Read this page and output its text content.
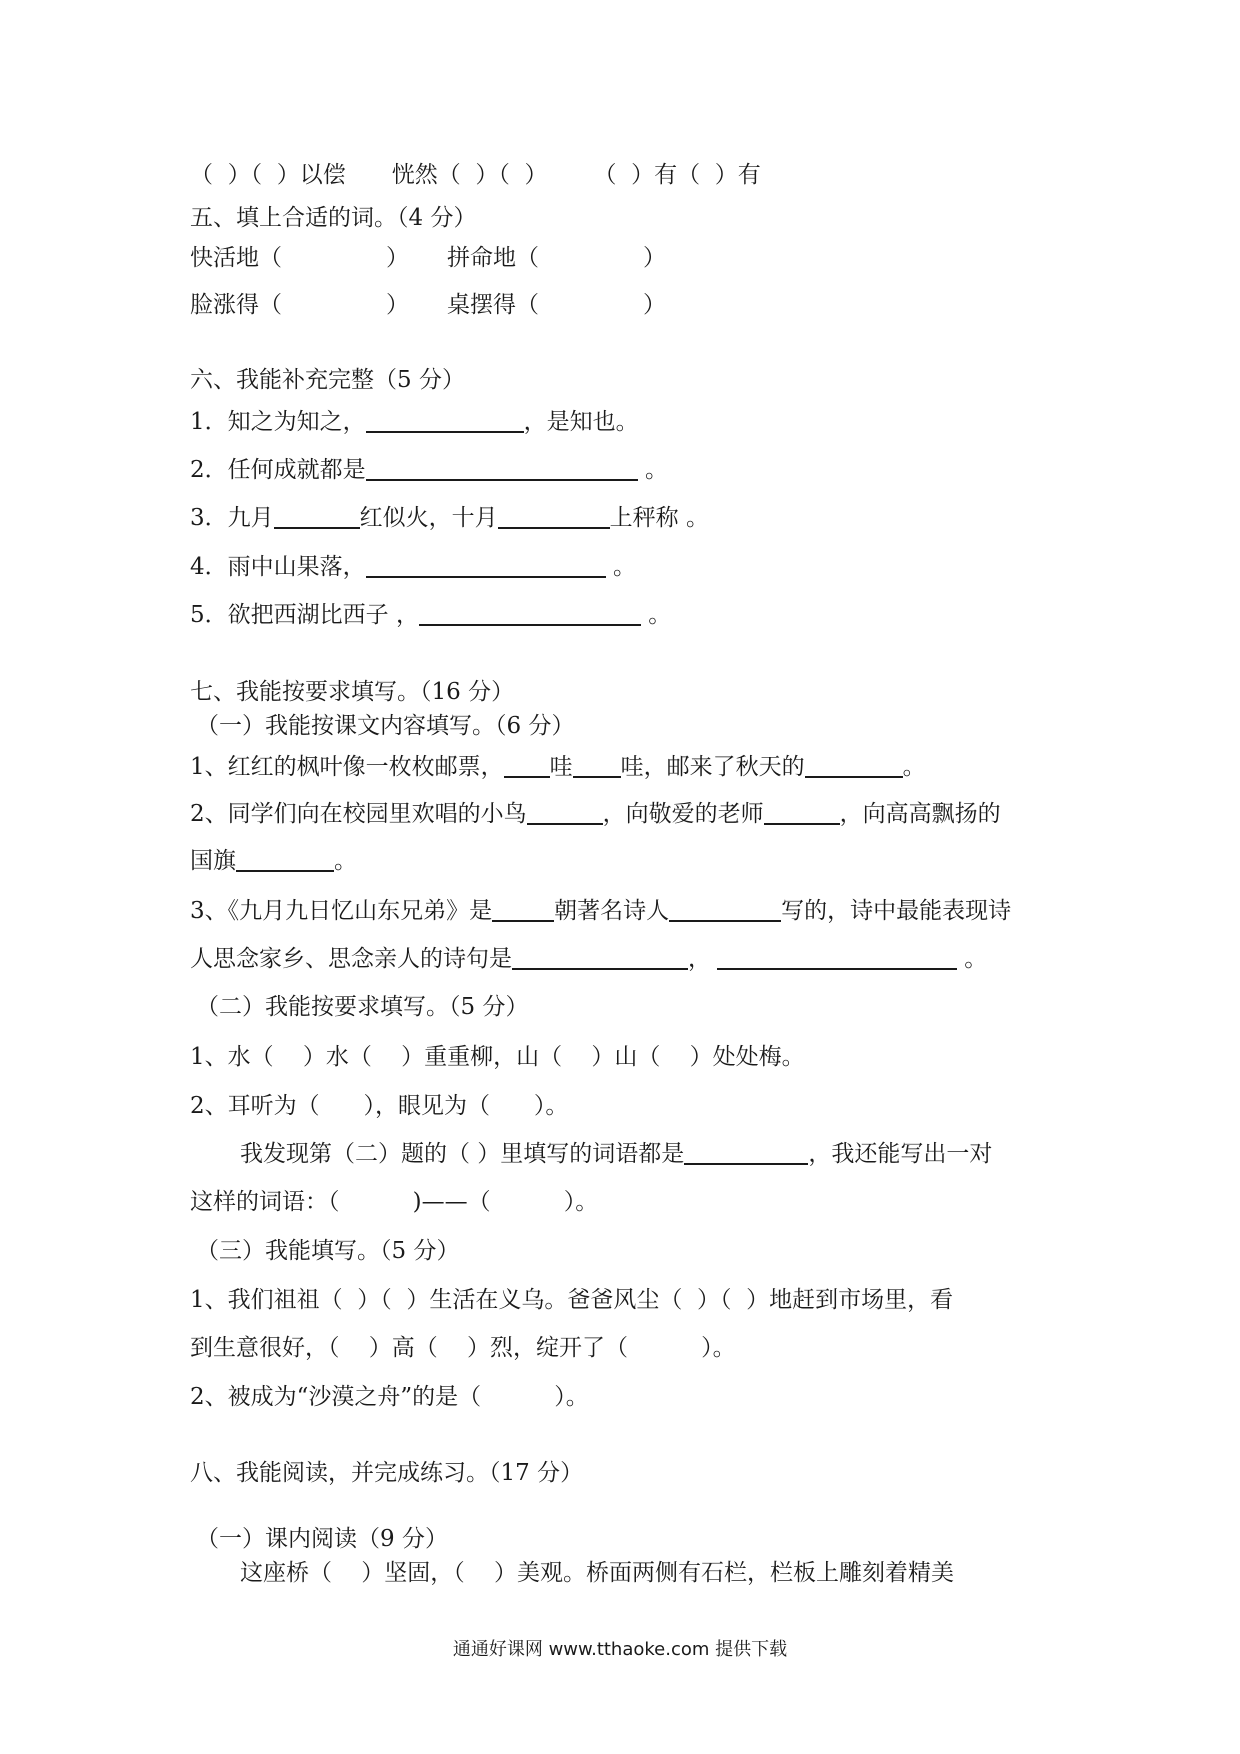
（  ）（  ）以偿 恍然（  ）（  ） （  ）有（  ）有
五、填上合适的词。（4 分）
快活地（	） 拼命地（	）
脸涨得（	） 桌摆得（	）
六、我能补充完整（5 分）
1．知之为知之，	，是知也。
2．任何成就都是	。
3．九月	红似火，十月	上秤称 。
4．雨中山果落，	。
5．欲把西湖比西子 ，	。
七、我能按要求填写。（16 分）
（一）我能按课文内容填写。（6 分）
1、红红的枫叶像一枚枚邮票， 哇 哇，邮来了秋天的	。
2、同学们向在校园里欢唱的小鸟	，向敬爱的老师	，向高高飘扬的
国旗	。
3、《九月九日忆山东兄弟》是	朝著名诗人	写的，诗中最能表现诗
人思念家乡、思念亲人的诗句是	，	。
（二）我能按要求填写。（5 分）
1、水（    ）水（    ）重重柳，山（    ）山（    ）处处梅。
2、耳听为（      ），眼见为（      ）。
我发现第（二）题的（ ）里填写的词语都是	，我还能写出一对
这样的词语：（          )——（          ）。
（三）我能填写。（5 分）
1、我们祖祖（  ）（  ）生活在义乌。爸爸风尘（  ）（  ）地赶到市场里，看
到生意很好，（    ）高（    ）烈，绽开了（          ）。
2、被成为“沙漠之舟”的是（          ）。
八、我能阅读，并完成练习。（17 分）
（一）课内阅读（9 分）
这座桥（    ）坚固，（    ）美观。桥面两侧有石栏，栏板上雕刻着精美
通通好课网 www.tthaoke.com 提供下载
